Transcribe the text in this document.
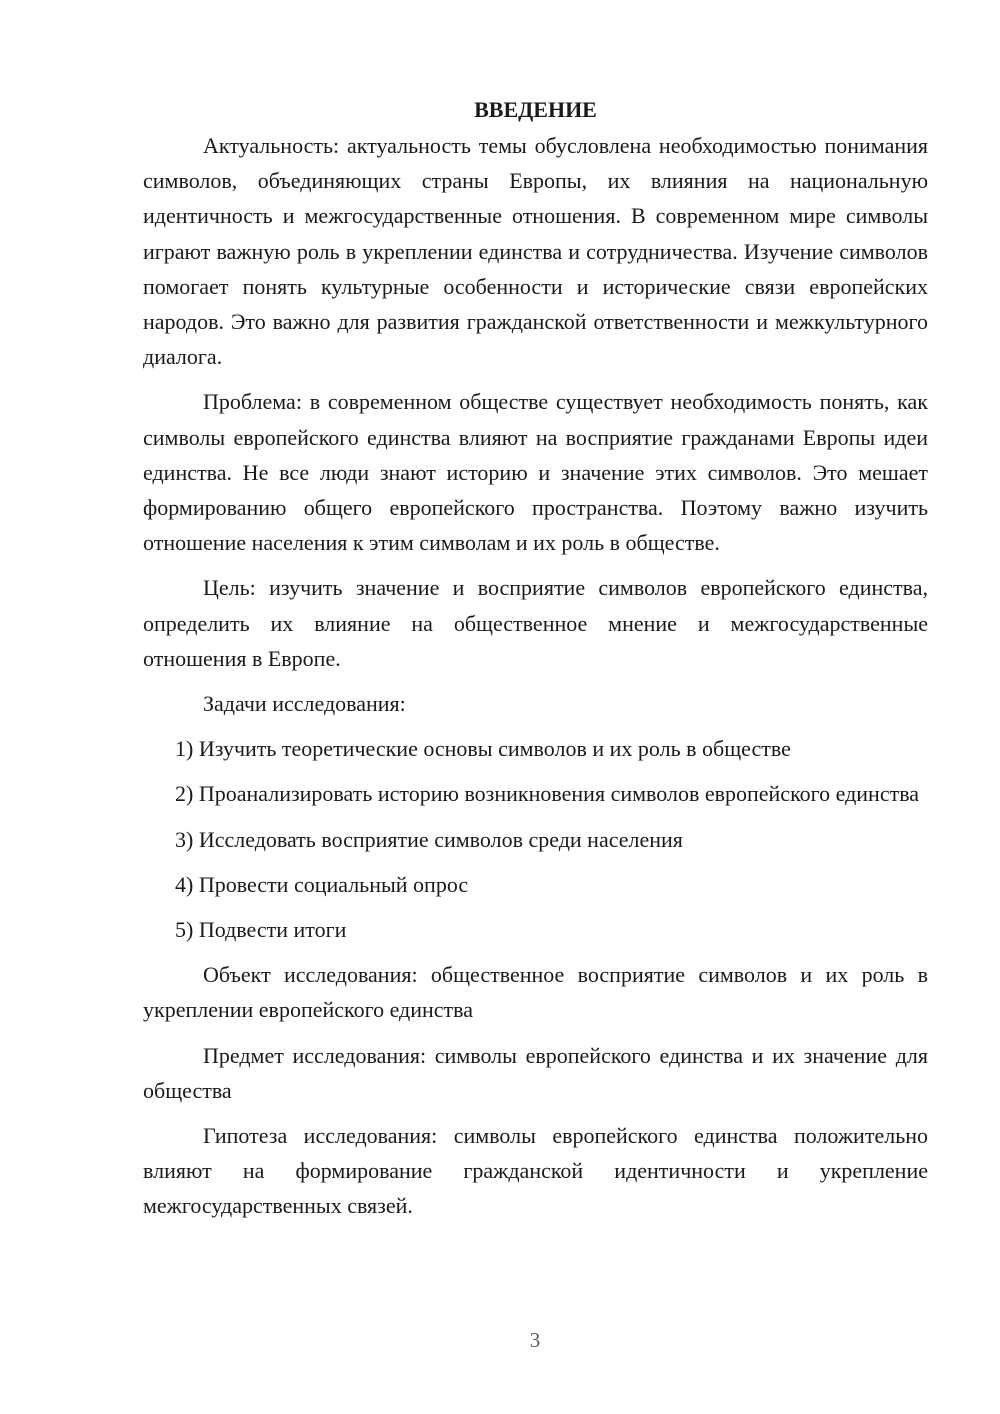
ВВЕДЕНИЕ

Актуальность: актуальность темы обусловлена необходимостью понимания символов, объединяющих страны Европы, их влияния на национальную идентичность и межгосударственные отношения. В современном мире символы играют важную роль в укреплении единства и сотрудничества. Изучение символов помогает понять культурные особенности и исторические связи европейских народов. Это важно для развития гражданской ответственности и межкультурного диалога.

Проблема: в современном обществе существует необходимость понять, как символы европейского единства влияют на восприятие гражданами Европы идеи единства. Не все люди знают историю и значение этих символов. Это мешает формированию общего европейского пространства. Поэтому важно изучить отношение населения к этим символам и их роль в обществе.

Цель: изучить значение и восприятие символов европейского единства, определить их влияние на общественное мнение и межгосударственные отношения в Европе.

Задачи исследования:

1) Изучить теоретические основы символов и их роль в обществе

2) Проанализировать историю возникновения символов европейского единства

3) Исследовать восприятие символов среди населения

4) Провести социальный опрос

5) Подвести итоги

Объект исследования: общественное восприятие символов и их роль в укреплении европейского единства

Предмет исследования: символы европейского единства и их значение для общества

Гипотеза исследования: символы европейского единства положительно влияют на формирование гражданской идентичности и укрепление межгосударственных связей.

3
